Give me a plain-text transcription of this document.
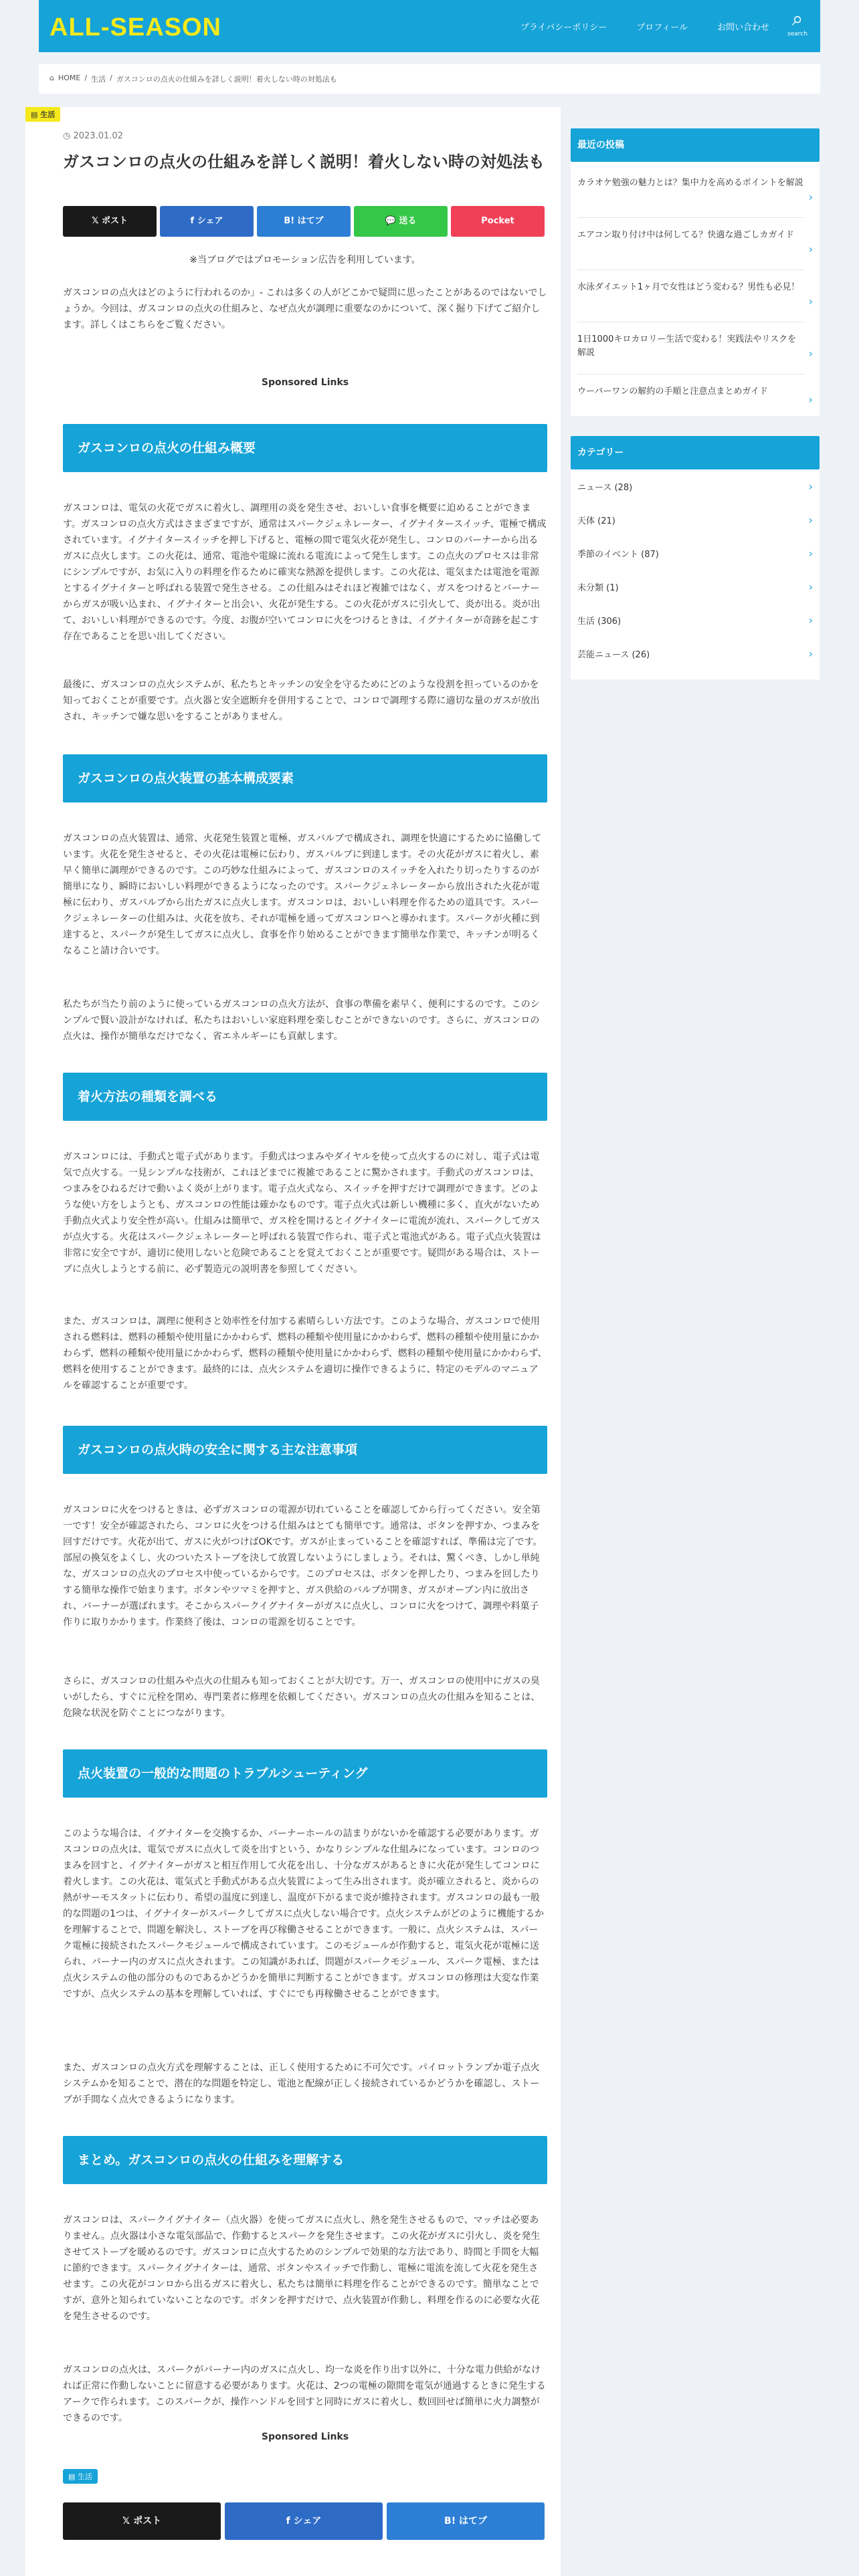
ALL-SEASON	プライバシーポリシー	プロフィール	お問い合わせ	⌕
search
⌂ HOME / 生活 / ガスコンロの点火の仕組みを詳しく説明！着火しない時の対処法も
▤ 生活
◷ 2023.01.02
ガスコンロの点火の仕組みを詳しく説明！着火しない時の対処法も
𝕏 ポスト	f シェア	B! はてブ	💬 送る	Pocket
※当ブログではプロモーション広告を利用しています。

ガスコンロの点火はどのように行われるのか」- これは多くの人がどこかで疑問に思ったことがあるのではないでしょうか。今回は、ガスコンロの点火の仕組みと、なぜ点火が調理に重要なのかについて、深く掘り下げてご紹介します。詳しくはこちらをご覧ください。

Sponsored Links
ガスコンロの点火の仕組み概要

ガスコンロは、電気の火花でガスに着火し、調理用の炎を発生させ、おいしい食事を概要に迫めることができます。ガスコンロの点火方式はさまざまですが、通常はスパークジェネレーター、イグナイタースイッチ、電極で構成されています。イグナイタースイッチを押し下げると、電極の間で電気火花が発生し、コンロのバーナーから出るガスに点火します。この火花は、通常、電池や電線に流れる電流によって発生します。この点火のプロセスは非常にシンプルですが、お気に入りの料理を作るために確実な熱源を提供します。この火花は、電気または電池を電源とするイグナイターと呼ばれる装置で発生させる。この仕組みはそれほど複雑ではなく、ガスをつけるとバーナーからガスが吸い込まれ、イグナイターと出会い、火花が発生する。この火花がガスに引火して、炎が出る。炎が出て、おいしい料理ができるのです。今度、お腹が空いてコンロに火をつけるときは、イグナイターが奇跡を起こす存在であることを思い出してください。

最後に、ガスコンロの点火システムが、私たちとキッチンの安全を守るためにどのような役割を担っているのかを知っておくことが重要です。点火器と安全遮断弁を併用することで、コンロで調理する際に適切な量のガスが放出され、キッチンで嫌な思いをすることがありません。

ガスコンロの点火装置の基本構成要素

ガスコンロの点火装置は、通常、火花発生装置と電極、ガスバルブで構成され、調理を快適にするために協働しています。火花を発生させると、その火花は電極に伝わり、ガスバルブに到達します。その火花がガスに着火し、素早く簡単に調理ができるのです。この巧妙な仕組みによって、ガスコンロのスイッチを入れたり切ったりするのが簡単になり、瞬時においしい料理ができるようになったのです。スパークジェネレーターから放出された火花が電極に伝わり、ガスバルブから出たガスに点火します。ガスコンロは、おいしい料理を作るための道具です。スパークジェネレーターの仕組みは、火花を放ち、それが電極を通ってガスコンロへと導かれます。スパークが火種に到達すると、スパークが発生してガスに点火し、食事を作り始めることができます簡単な作業で、キッチンが明るくなること請け合いです。

私たちが当たり前のように使っているガスコンロの点火方法が、食事の準備を素早く、便利にするのです。このシンプルで賢い設計がなければ、私たちはおいしい家庭料理を楽しむことができないのです。さらに、ガスコンロの点火は、操作が簡単なだけでなく、省エネルギーにも貢献します。

着火方法の種類を調べる

ガスコンロには、手動式と電子式があります。手動式はつまみやダイヤルを使って点火するのに対し、電子式は電気で点火する。一見シンプルな技術が、これほどまでに複雑であることに驚かされます。手動式のガスコンロは、つまみをひねるだけで動いよく炎が上がります。電子点火式なら、スイッチを押すだけで調理ができます。どのような使い方をしようとも、ガスコンロの性能は確かなものです。電子点火式は新しい機種に多く、直火がないため手動点火式より安全性が高い。仕組みは簡単で、ガス栓を開けるとイグナイターに電流が流れ、スパークしてガスが点火する。火花はスパークジェネレーターと呼ばれる装置で作られ、電子式と電池式がある。電子式点火装置は非常に安全ですが、適切に使用しないと危険であることを覚えておくことが重要です。疑問がある場合は、ストーブに点火しようとする前に、必ず製造元の説明書を参照してください。

また、ガスコンロは、調理に便利さと効率性を付加する素晴らしい方法です。このような場合、ガスコンロで使用される燃料は、燃料の種類や使用量にかかわらず、燃料の種類や使用量にかかわらず、燃料の種類や使用量にかかわらず、燃料の種類や使用量にかかわらず、燃料の種類や使用量にかかわらず、燃料の種類や使用量にかかわらず、燃料を使用することができます。最終的には、点火システムを適切に操作できるように、特定のモデルのマニュアルを確認することが重要です。

ガスコンロの点火時の安全に関する主な注意事項

ガスコンロに火をつけるときは、必ずガスコンロの電源が切れていることを確認してから行ってください。安全第一です！安全が確認されたら、コンロに火をつける仕組みはとても簡単です。通常は、ボタンを押すか、つまみを回すだけです。火花が出て、ガスに火がつけばOKです。ガスが止まっていることを確認すれば、準備は完了です。部屋の換気をよくし、火のついたストーブを決して放置しないようにしましょう。それは、驚くべき、しかし単純な、ガスコンロの点火のプロセス中使っているからです。このプロセスは、ボタンを押したり、つまみを回したりする簡単な操作で始まります。ボタンやツマミを押すと、ガス供給のバルブが開き、ガスがオーブン内に放出され、バーナーが選ばれます。そこからスパークイグナイターがガスに点火し、コンロに火をつけて、調理や料菓子作りに取りかかります。作業終了後は、コンロの電源を切ることです。

さらに、ガスコンロの仕組みや点火の仕組みも知っておくことが大切です。万一、ガスコンロの使用中にガスの臭いがしたら、すぐに元栓を閉め、専門業者に修理を依頼してください。ガスコンロの点火の仕組みを知ることは、危険な状況を防ぐことにつながります。

点火装置の一般的な問題のトラブルシューティング

このような場合は、イグナイターを交換するか、バーナーホールの詰まりがないかを確認する必要があります。ガスコンロの点火は、電気でガスに点火して炎を出すという、かなりシンプルな仕組みになっています。コンロのつまみを回すと、イグナイターがガスと相互作用して火花を出し、十分なガスがあるときに火花が発生してコンロに着火します。この火花は、電気式と手動式がある点火装置によって生み出されます。炎が確立されると、炎からの熱がサーモスタットに伝わり、希望の温度に到達し、温度が下がるまで炎が維持されます。ガスコンロの最も一般的な問題の1つは、イグナイターがスパークしてガスに点火しない場合です。点火システムがどのように機能するかを理解することで、問題を解決し、ストーブを再び稼働させることができます。一般に、点火システムは、スパーク電極に接続されたスパークモジュールで構成されています。このモジュールが作動すると、電気火花が電極に送られ、バーナー内のガスに点火されます。この知識があれば、問題がスパークモジュール、スパーク電極、または点火システムの他の部分のものであるかどうかを簡単に判断することができます。ガスコンロの修理は大変な作業ですが、点火システムの基本を理解していれば、すぐにでも再稼働させることができます。

また、ガスコンロの点火方式を理解することは、正しく使用するために不可欠です。パイロットランプか電子点火システムかを知ることで、潜在的な問題を特定し、電池と配線が正しく接続されているかどうかを確認し、ストーブが手間なく点火できるようになります。

まとめ。ガスコンロの点火の仕組みを理解する

ガスコンロは、スパークイグナイター（点火器）を使ってガスに点火し、熱を発生させるもので、マッチは必要ありません。点火器は小さな電気部品で、作動するとスパークを発生させます。この火花がガスに引火し、炎を発生させてストーブを暖めるのです。ガスコンロに点火するためのシンプルで効果的な方法であり、時間と手間を大幅に節約できます。スパークイグナイターは、通常、ボタンやスイッチで作動し、電極に電流を流して火花を発生させます。この火花がコンロから出るガスに着火し、私たちは簡単に料理を作ることができるのです。簡単なことですが、意外と知られていないことなのです。ボタンを押すだけで、点火装置が作動し、料理を作るのに必要な火花を発生させるのです。

ガスコンロの点火は、スパークがバーナー内のガスに点火し、均一な炎を作り出す以外に、十分な電力供給がなければ正常に作動しないことに留意する必要があります。火花は、2つの電極の隙間を電気が通過するときに発生するアークで作られます。このスパークが、操作ハンドルを回すと同時にガスに着火し、数回回せば簡単に火力調整ができるのです。

Sponsored Links
▤ 生活
𝕏 ポスト	f シェア	B! はてブ
最近の投稿
カラオケ勉強の魅力とは？集中力を高めるポイントを解説
›
エアコン取り付け中は何してる？快適な過ごしカガイド
›
水泳ダイエット1ヶ月で女性はどう変わる？男性も必見！
›
1日1000キロカロリー生活で変わる！実践法やリスクを解説	›
ウーバーワンの解約の手順と注意点まとめガイド
›
カテゴリー
ニュース (28)	›
天体 (21)	›
季節のイベント (87)	›
未分類 (1)	›
生活 (306)	›
芸能ニュース (26)	›
